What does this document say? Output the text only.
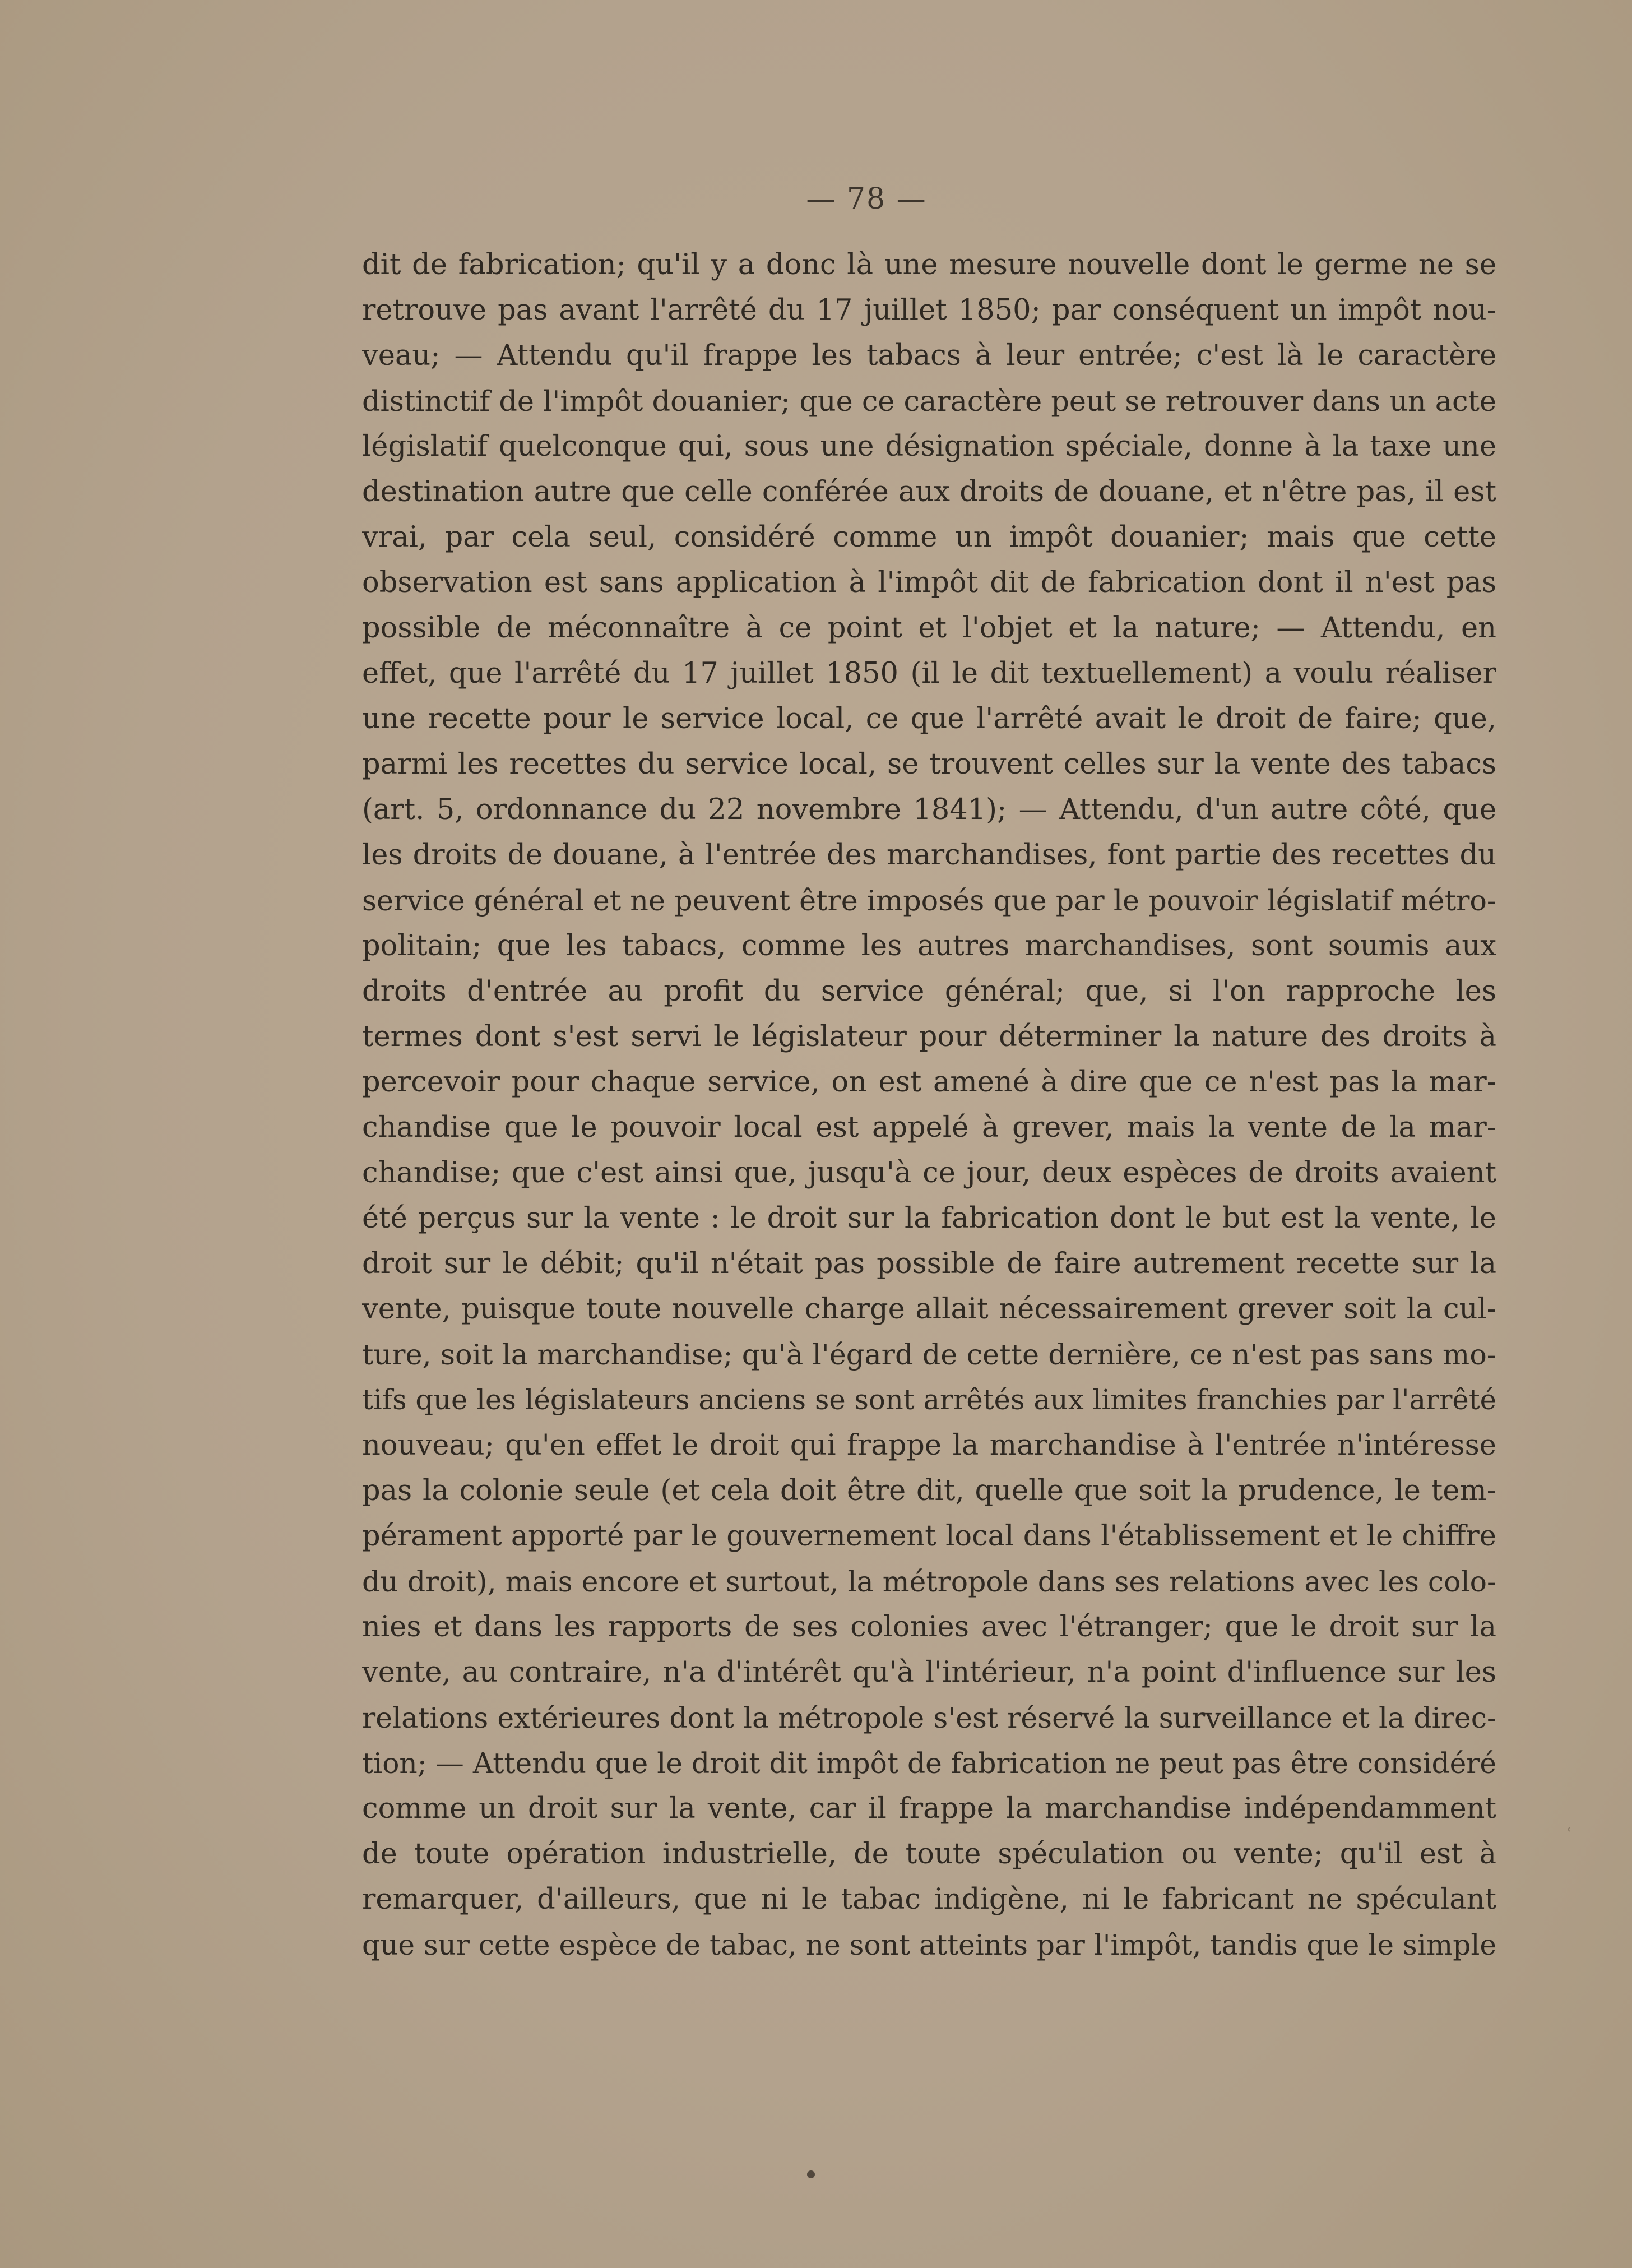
— 78 —
dit de fabrication; qu'il y a donc là une mesure nouvelle dont le germe ne se
retrouve pas avant l'arrêté du 17 juillet 1850; par conséquent un impôt nou-
veau; — Attendu qu'il frappe les tabacs à leur entrée; c'est là le caractère
distinctif de l'impôt douanier; que ce caractère peut se retrouver dans un acte
législatif quelconque qui, sous une désignation spéciale, donne à la taxe une
destination autre que celle conférée aux droits de douane, et n'être pas, il est
vrai, par cela seul, considéré comme un impôt douanier; mais que cette
observation est sans application à l'impôt dit de fabrication dont il n'est pas
possible de méconnaître à ce point et l'objet et la nature; — Attendu, en
effet, que l'arrêté du 17 juillet 1850 (il le dit textuellement) a voulu réaliser
une recette pour le service local, ce que l'arrêté avait le droit de faire; que,
parmi les recettes du service local, se trouvent celles sur la vente des tabacs
(art. 5, ordonnance du 22 novembre 1841); — Attendu, d'un autre côté, que
les droits de douane, à l'entrée des marchandises, font partie des recettes du
service général et ne peuvent être imposés que par le pouvoir législatif métro-
politain; que les tabacs, comme les autres marchandises, sont soumis aux
droits d'entrée au profit du service général; que, si l'on rapproche les
termes dont s'est servi le législateur pour déterminer la nature des droits à
percevoir pour chaque service, on est amené à dire que ce n'est pas la mar-
chandise que le pouvoir local est appelé à grever, mais la vente de la mar-
chandise; que c'est ainsi que, jusqu'à ce jour, deux espèces de droits avaient
été perçus sur la vente : le droit sur la fabrication dont le but est la vente, le
droit sur le débit; qu'il n'était pas possible de faire autrement recette sur la
vente, puisque toute nouvelle charge allait nécessairement grever soit la cul-
ture, soit la marchandise; qu'à l'égard de cette dernière, ce n'est pas sans mo-
tifs que les législateurs anciens se sont arrêtés aux limites franchies par l'arrêté
nouveau; qu'en effet le droit qui frappe la marchandise à l'entrée n'intéresse
pas la colonie seule (et cela doit être dit, quelle que soit la prudence, le tem-
pérament apporté par le gouvernement local dans l'établissement et le chiffre
du droit), mais encore et surtout, la métropole dans ses relations avec les colo-
nies et dans les rapports de ses colonies avec l'étranger; que le droit sur la
vente, au contraire, n'a d'intérêt qu'à l'intérieur, n'a point d'influence sur les
relations extérieures dont la métropole s'est réservé la surveillance et la direc-
tion; — Attendu que le droit dit impôt de fabrication ne peut pas être considéré
comme un droit sur la vente, car il frappe la marchandise indépendamment
de toute opération industrielle, de toute spéculation ou vente; qu'il est à
remarquer, d'ailleurs, que ni le tabac indigène, ni le fabricant ne spéculant
que sur cette espèce de tabac, ne sont atteints par l'impôt, tandis que le simple
˓
